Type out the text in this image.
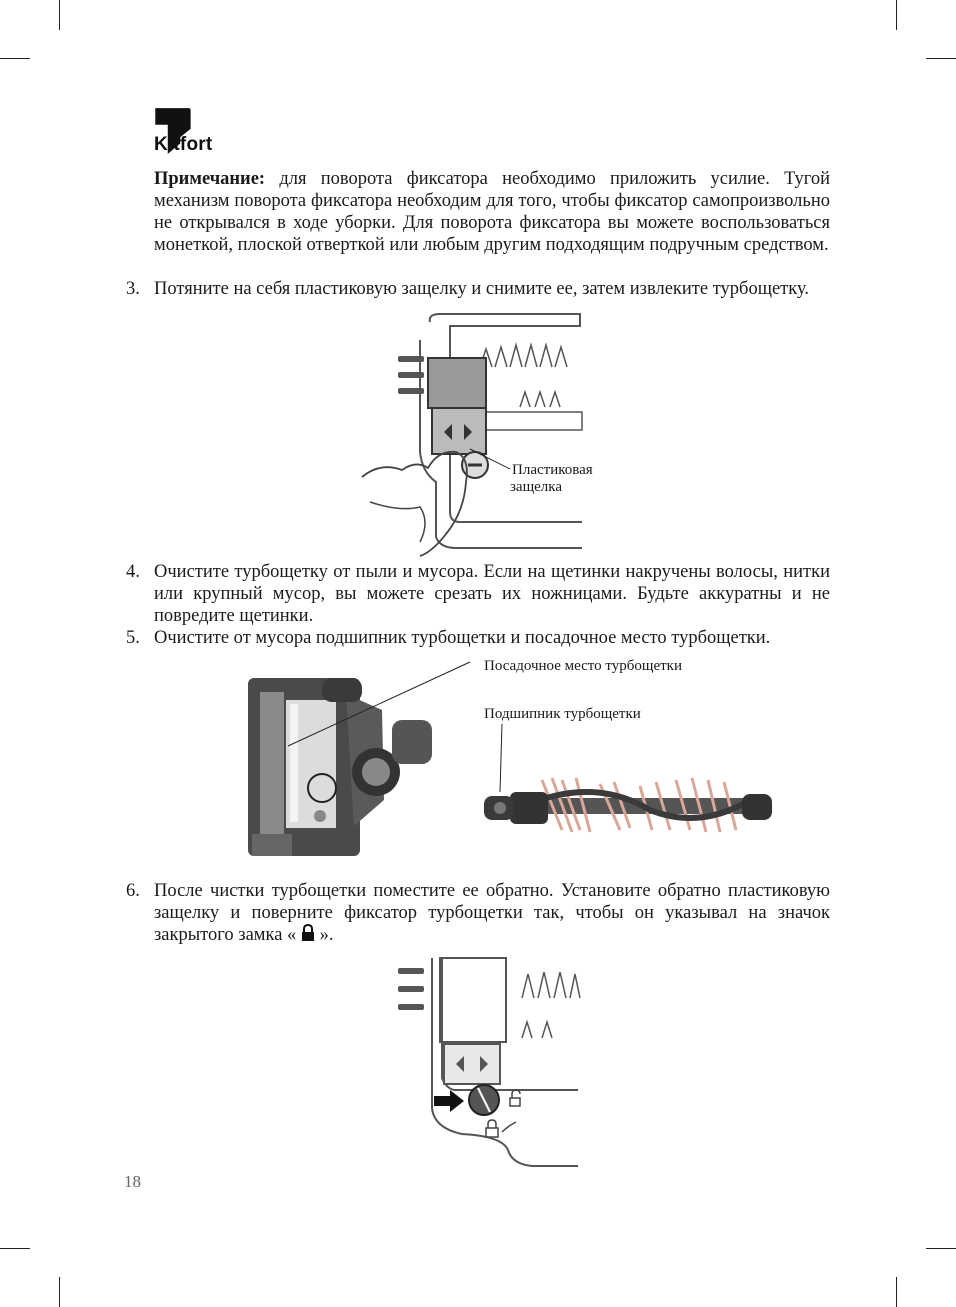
Kitfort
Примечание: для поворота фиксатора необходимо приложить усилие. Тугой механизм поворота фиксатора необходим для того, чтобы фиксатор самопроизвольно не открывался в ходе уборки. Для поворота фиксатора вы можете воспользоваться монеткой, плоской отверткой или любым другим подходящим подручным средством.
3. Потяните на себя пластиковую защелку и снимите ее, затем извлеките турбощетку.
Пластиковая
защелка
4. Очистите турбощетку от пыли и мусора. Если на щетинки накручены волосы, нитки или крупный мусор, вы можете срезать их ножницами. Будьте аккуратны и не повредите щетинки.
5. Очистите от мусора подшипник турбощетки и посадочное место турбощетки.
Посадочное место турбощетки
Подшипник турбощетки
6. После чистки турбощетки поместите ее обратно. Установите обратно пластиковую защелку и поверните фиксатор турбощетки так, чтобы он указывал на значок закрытого замка « ».
18
